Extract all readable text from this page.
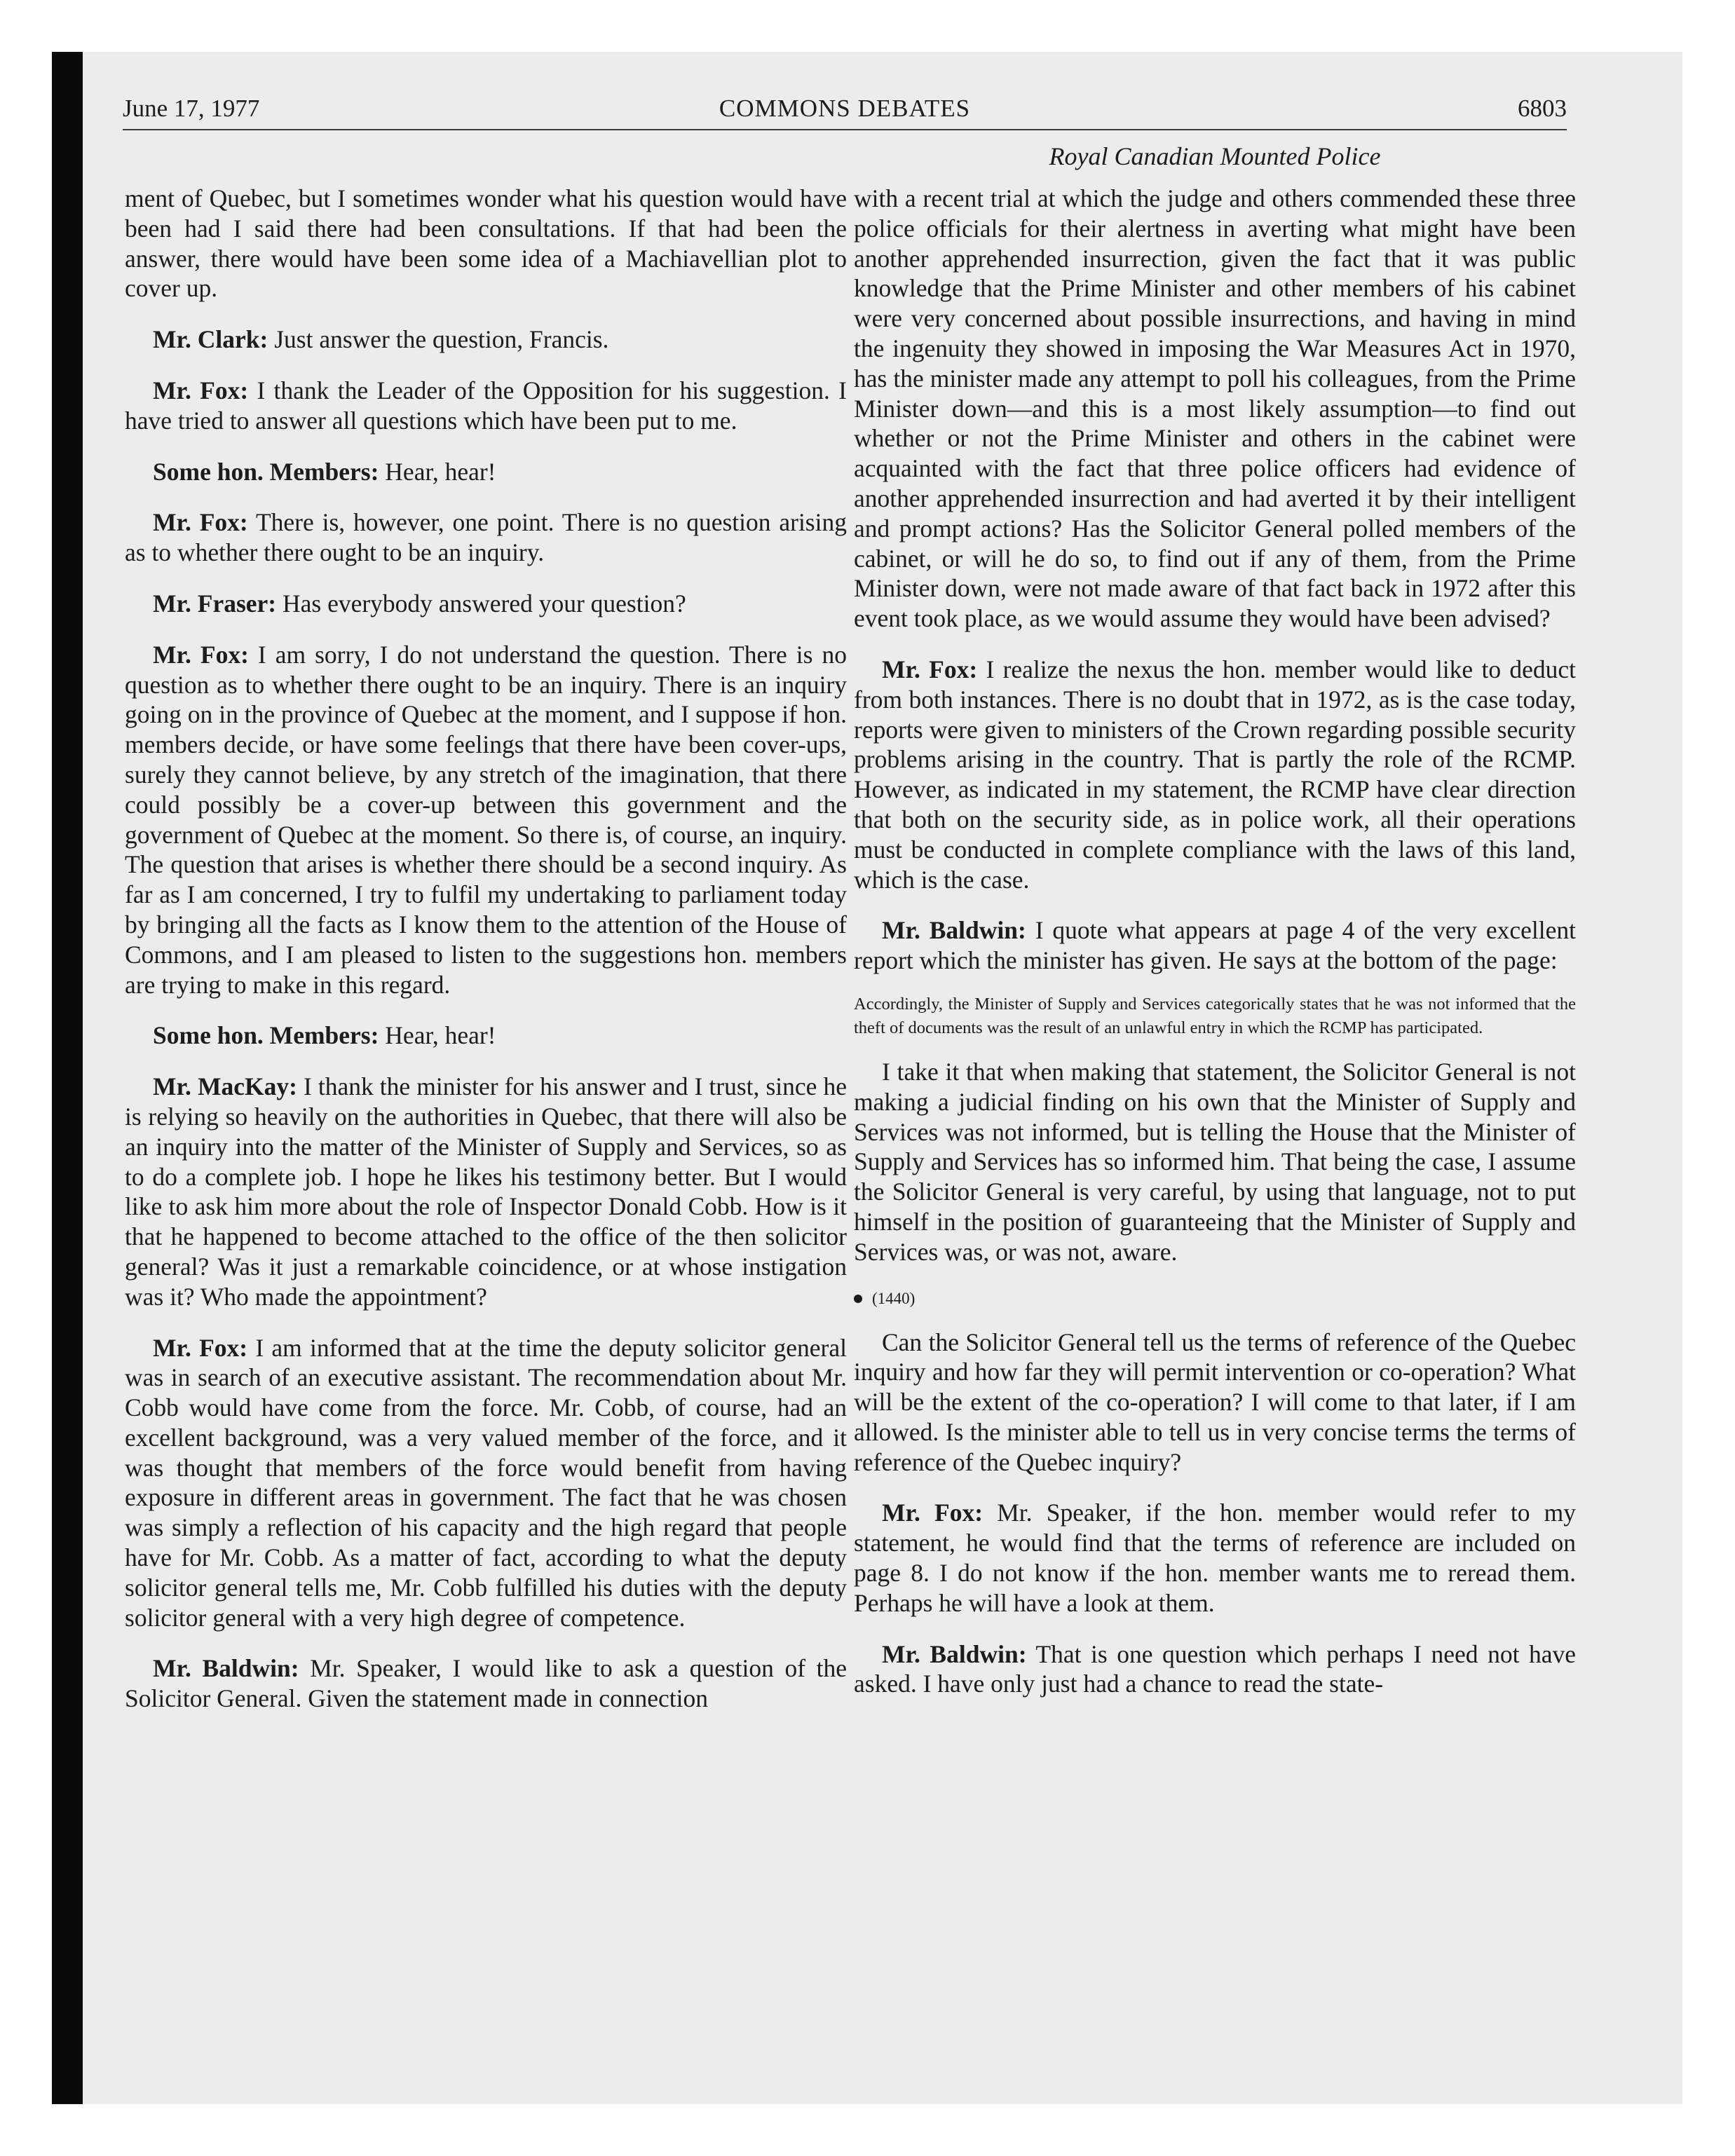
June 17, 1977	COMMONS DEBATES	6803
Royal Canadian Mounted Police

ment of Quebec, but I sometimes wonder what his question would have been had I said there had been consultations. If that had been the answer, there would have been some idea of a Machiavellian plot to cover up.

Mr. Clark: Just answer the question, Francis.

Mr. Fox: I thank the Leader of the Opposition for his suggestion. I have tried to answer all questions which have been put to me.

Some hon. Members: Hear, hear!

Mr. Fox: There is, however, one point. There is no question arising as to whether there ought to be an inquiry.

Mr. Fraser: Has everybody answered your question?

Mr. Fox: I am sorry, I do not understand the question. There is no question as to whether there ought to be an inquiry. There is an inquiry going on in the province of Quebec at the moment, and I suppose if hon. members decide, or have some feelings that there have been cover-ups, surely they cannot believe, by any stretch of the imagination, that there could possibly be a cover-up between this government and the government of Quebec at the moment. So there is, of course, an inquiry. The question that arises is whether there should be a second inquiry. As far as I am concerned, I try to fulfil my undertaking to parliament today by bringing all the facts as I know them to the attention of the House of Commons, and I am pleased to listen to the suggestions hon. members are trying to make in this regard.

Some hon. Members: Hear, hear!

Mr. MacKay: I thank the minister for his answer and I trust, since he is relying so heavily on the authorities in Quebec, that there will also be an inquiry into the matter of the Minister of Supply and Services, so as to do a complete job. I hope he likes his testimony better. But I would like to ask him more about the role of Inspector Donald Cobb. How is it that he happened to become attached to the office of the then solicitor general? Was it just a remarkable coincidence, or at whose instigation was it? Who made the appointment?

Mr. Fox: I am informed that at the time the deputy solicitor general was in search of an executive assistant. The recommendation about Mr. Cobb would have come from the force. Mr. Cobb, of course, had an excellent background, was a very valued member of the force, and it was thought that members of the force would benefit from having exposure in different areas in government. The fact that he was chosen was simply a reflection of his capacity and the high regard that people have for Mr. Cobb. As a matter of fact, according to what the deputy solicitor general tells me, Mr. Cobb fulfilled his duties with the deputy solicitor general with a very high degree of competence.

Mr. Baldwin: Mr. Speaker, I would like to ask a question of the Solicitor General. Given the statement made in connection

with a recent trial at which the judge and others commended these three police officials for their alertness in averting what might have been another apprehended insurrection, given the fact that it was public knowledge that the Prime Minister and other members of his cabinet were very concerned about possible insurrections, and having in mind the ingenuity they showed in imposing the War Measures Act in 1970, has the minister made any attempt to poll his colleagues, from the Prime Minister down—and this is a most likely assumption—to find out whether or not the Prime Minister and others in the cabinet were acquainted with the fact that three police officers had evidence of another apprehended insurrection and had averted it by their intelligent and prompt actions? Has the Solicitor General polled members of the cabinet, or will he do so, to find out if any of them, from the Prime Minister down, were not made aware of that fact back in 1972 after this event took place, as we would assume they would have been advised?

Mr. Fox: I realize the nexus the hon. member would like to deduct from both instances. There is no doubt that in 1972, as is the case today, reports were given to ministers of the Crown regarding possible security problems arising in the country. That is partly the role of the RCMP. However, as indicated in my statement, the RCMP have clear direction that both on the security side, as in police work, all their operations must be conducted in complete compliance with the laws of this land, which is the case.

Mr. Baldwin: I quote what appears at page 4 of the very excellent report which the minister has given. He says at the bottom of the page:

Accordingly, the Minister of Supply and Services categorically states that he was not informed that the theft of documents was the result of an unlawful entry in which the RCMP has participated.

I take it that when making that statement, the Solicitor General is not making a judicial finding on his own that the Minister of Supply and Services was not informed, but is telling the House that the Minister of Supply and Services has so informed him. That being the case, I assume the Solicitor General is very careful, by using that language, not to put himself in the position of guaranteeing that the Minister of Supply and Services was, or was not, aware.

(1440)

Can the Solicitor General tell us the terms of reference of the Quebec inquiry and how far they will permit intervention or co-operation? What will be the extent of the co-operation? I will come to that later, if I am allowed. Is the minister able to tell us in very concise terms the terms of reference of the Quebec inquiry?

Mr. Fox: Mr. Speaker, if the hon. member would refer to my statement, he would find that the terms of reference are included on page 8. I do not know if the hon. member wants me to reread them. Perhaps he will have a look at them.

Mr. Baldwin: That is one question which perhaps I need not have asked. I have only just had a chance to read the state-
